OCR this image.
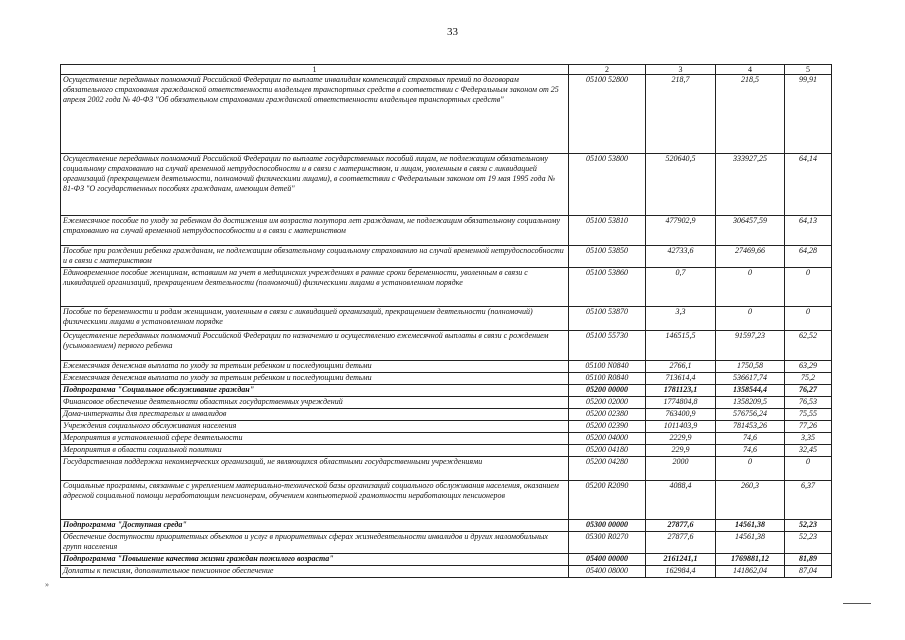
33
»
1	2	3	4	5
Осуществление переданных полномочий Российской Федерации по выплате инвалидам компенсаций страховых премий по договорам обязательного страхования гражданской ответственности владельцев транспортных средств в соответствии с Федеральным законом от 25 апреля 2002 года № 40-ФЗ "Об обязательном страховании гражданской ответственности владельцев транспортных средств"	05100 52800	218,7	218,5	99,91
Осуществление переданных полномочий Российской Федерации по выплате государственных пособий лицам, не подлежащим обязательному социальному страхованию на случай временной нетрудоспособности и в связи с материнством, и лицам, уволенным в связи с ликвидацией организаций (прекращением деятельности, полномочий физическими лицами), в соответствии с Федеральным законом от 19 мая 1995 года № 81-ФЗ "О государственных пособиях гражданам, имеющим детей"	05100 53800	520640,5	333927,25	64,14
Ежемесячное пособие по уходу за ребенком до достижения им возраста полутора лет гражданам, не подлежащим обязательному социальному страхованию на случай временной нетрудоспособности и в связи с материнством	05100 53810	477902,9	306457,59	64,13
Пособие при рождении ребенка гражданам, не подлежащим обязательному социальному страхованию на случай временной нетрудоспособности и в связи с материнством	05100 53850	42733,6	27469,66	64,28
Единовременное пособие женщинам, вставшим на учет в медицинских учреждениях в ранние сроки беременности, уволенным в связи с ликвидацией организаций, прекращением деятельности (полномочий) физическими лицами в установленном порядке	05100 53860	0,7	0	0
Пособие по беременности и родам женщинам, уволенным в связи с ликвидацией организаций, прекращением деятельности (полномочий) физическими лицами в установленном порядке	05100 53870	3,3	0	0
Осуществление переданных полномочий Российской Федерации по назначению и осуществлению ежемесячной выплаты в связи с рождением (усыновлением) первого ребенка	05100 55730	146515,5	91597,23	62,52
Ежемесячная денежная выплата по уходу за третьим ребенком и последующими детьми	05100 N0840	2766,1	1750,58	63,29
Ежемесячная денежная выплата по уходу за третьим ребенком и последующими детьми	05100 R0840	713614,4	536617,74	75,2
Подпрограмма "Социальное обслуживание граждан"	05200 00000	1781123,1	1358544,4	76,27
Финансовое обеспечение деятельности областных государственных учреждений	05200 02000	1774804,8	1358209,5	76,53
Дома-интернаты для престарелых и инвалидов	05200 02380	763400,9	576756,24	75,55
Учреждения социального обслуживания населения	05200 02390	1011403,9	781453,26	77,26
Мероприятия в установленной сфере деятельности	05200 04000	2229,9	74,6	3,35
Мероприятия в области социальной политики	05200 04180	229,9	74,6	32,45
Государственная поддержка некоммерческих организаций, не являющихся областными государственными учреждениями	05200 04280	2000	0	0
Социальные программы, связанные с укреплением материально-технической базы организаций социального обслуживания населения, оказанием адресной социальной помощи неработающим пенсионерам, обучением компьютерной грамотности неработающих пенсионеров	05200 R2090	4088,4	260,3	6,37
Подпрограмма "Доступная среда"	05300 00000	27877,6	14561,38	52,23
Обеспечение доступности приоритетных объектов и услуг в приоритетных сферах жизнедеятельности инвалидов и других маломобильных групп населения	05300 R0270	27877,6	14561,38	52,23
Подпрограмма "Повышение качества жизни граждан пожилого возраста"	05400 00000	2161241,1	1769881,12	81,89
Доплаты к пенсиям, дополнительное пенсионное обеспечение	05400 08000	162984,4	141862,04	87,04
